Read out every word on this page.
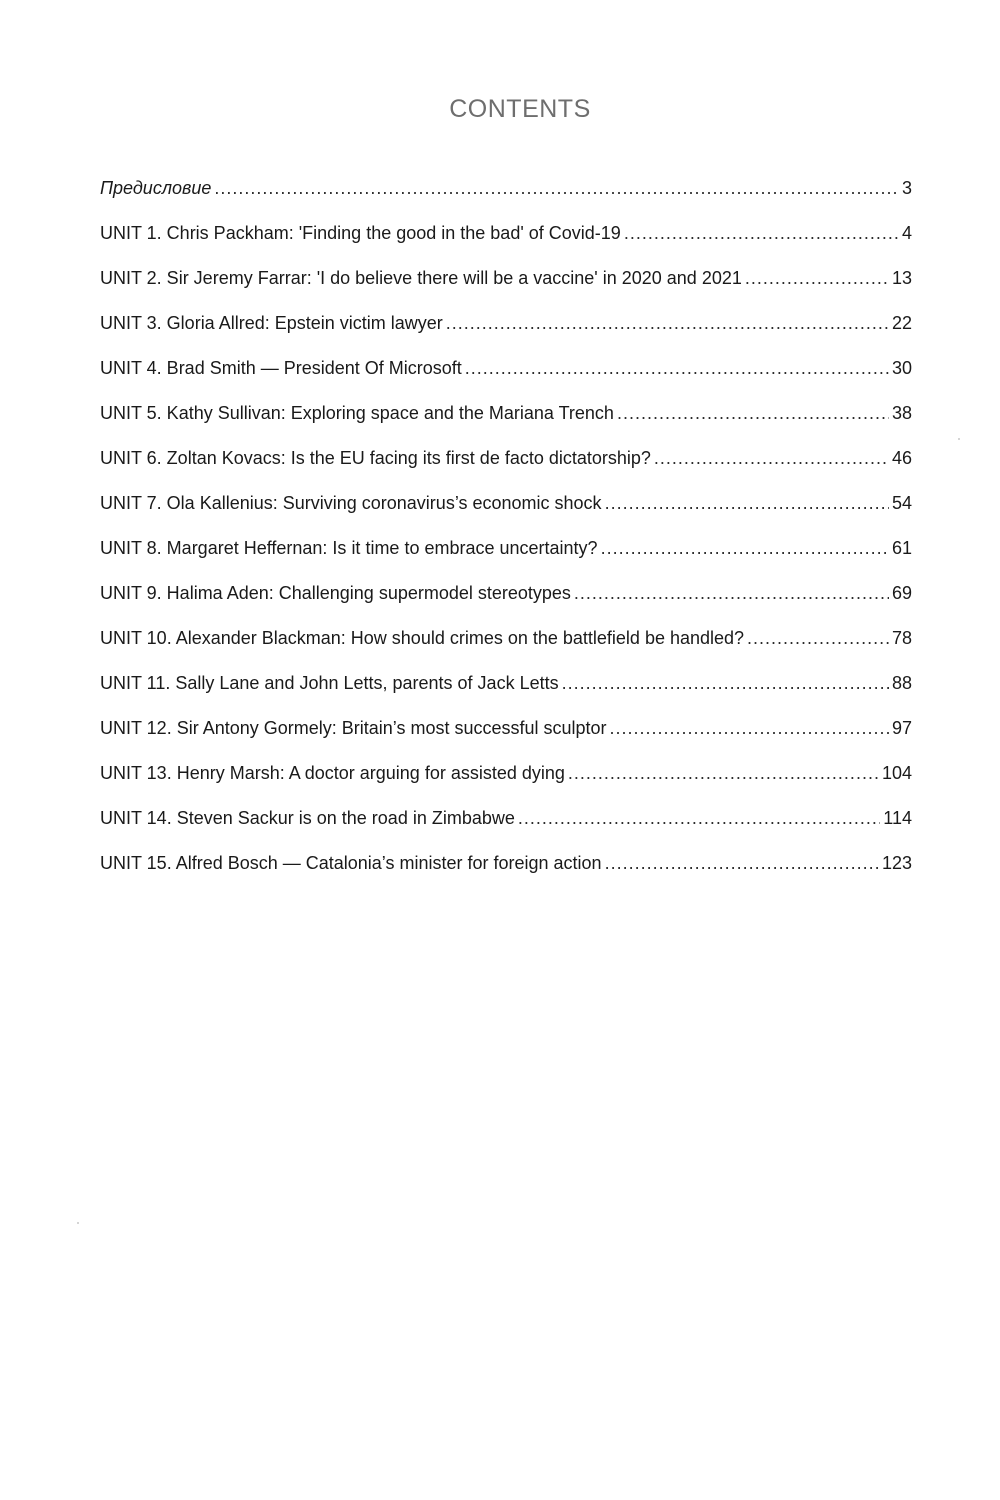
CONTENTS
Предисловие .....	3
UNIT 1. Chris Packham: 'Finding the good in the bad' of Covid-19 .....	4
UNIT 2. Sir Jeremy Farrar: 'I do believe there will be a vaccine' in 2020 and 2021 .....	13
UNIT 3. Gloria Allred: Epstein victim lawyer .....	22
UNIT 4. Brad Smith — President Of Microsoft .....	30
UNIT 5. Kathy Sullivan: Exploring space and the Mariana Trench .....	38
UNIT 6. Zoltan Kovacs: Is the EU facing its first de facto dictatorship? .....	46
UNIT 7. Ola Kallenius: Surviving coronavirus’s economic shock .....	54
UNIT 8. Margaret Heffernan: Is it time to embrace uncertainty? .....	61
UNIT 9. Halima Aden: Challenging supermodel stereotypes .....	69
UNIT 10. Alexander Blackman: How should crimes on the battlefield be handled? .....	78
UNIT 11. Sally Lane and John Letts, parents of Jack Letts .....	88
UNIT 12. Sir Antony Gormely: Britain’s most successful sculptor .....	97
UNIT 13. Henry Marsh: A doctor arguing for assisted dying .....	104
UNIT 14. Steven Sackur is on the road in Zimbabwe .....	114
UNIT 15. Alfred Bosch — Catalonia’s minister for foreign action .....	123
